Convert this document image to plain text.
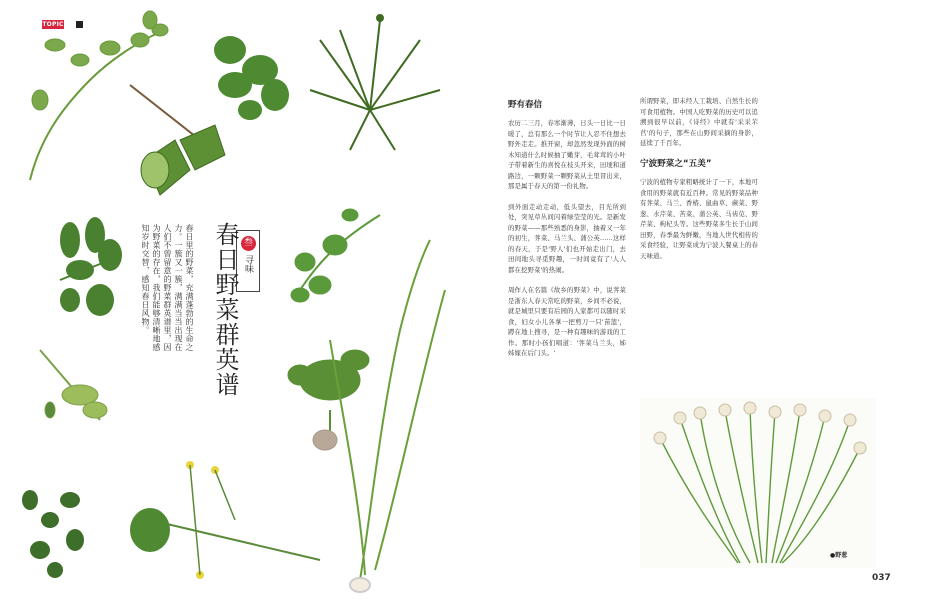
TOPIC
叁
寻味
春日野菜群英谱
春日里的野菜，充满蓬勃的生命之力。一簇又一簇，满满当当出现在人们不曾留意的野菜群英谱里，因为野菜的存在，我们能够清晰地感知岁时交替，感知春日风物。
野有春信

农历二三月，春寒渐薄，日头一日比一日暖了，总有那么一个时节让人忍不住想去野外走走。推开窗，却忽然发现外面的树木知道什么时候抽了嫩芽，毛茸茸的小叶子带着新生的喜悦在枝头开来，田埂和道路边，一颗野菜一颗野菜从土里冒出来，那是属于春天的第一份礼物。

到外面走动走动，低头望去，目光所到处，突见草丛间闪着绿莹莹的光。是新发的野菜——那些熟悉的身影，抽着又一年的初生，荠菜、马兰头、蒲公英……这样的春天，于是'野人'们也开始走出门，去田间地头寻觅野趣，一时间竟有了'人人都在挖野菜'的热闹。

周作人在名篇《故乡的野菜》中，说荠菜是浙东人春天常吃的野菜，乡间不必说，就是城里只要有后园的人家都可以随时采食，妇女小儿各拿一把剪刀一只'苗篮'，蹲在地上搜寻，是一种有趣味的游戏的工作。那时小孩们唱道：'荠菜马兰头，姊姊嫁在后门头。'

所谓野菜，即未经人工栽培、自然生长的可食用植物。中国人吃野菜的历史可以追溯到很早以前，《诗经》中就有'采采芣苢'的句子，那些在山野间采摘的身影，延续了千百年。

宁波野菜之“五美”

宁波的植物专家粗略统计了一下，本地可食用的野菜就有近百种。常见的野菜品种有荠菜、马兰、香椿、鼠曲草、蕨菜、野葱、水芹菜、苦菜、蒲公英、马齿苋、野芹菜、枸杞头等。这些野菜多生长于山间田野，春季最为鲜嫩，当地人世代相传的采食经验，让野菜成为宁波人餐桌上的春天味道。

●野葱
037
